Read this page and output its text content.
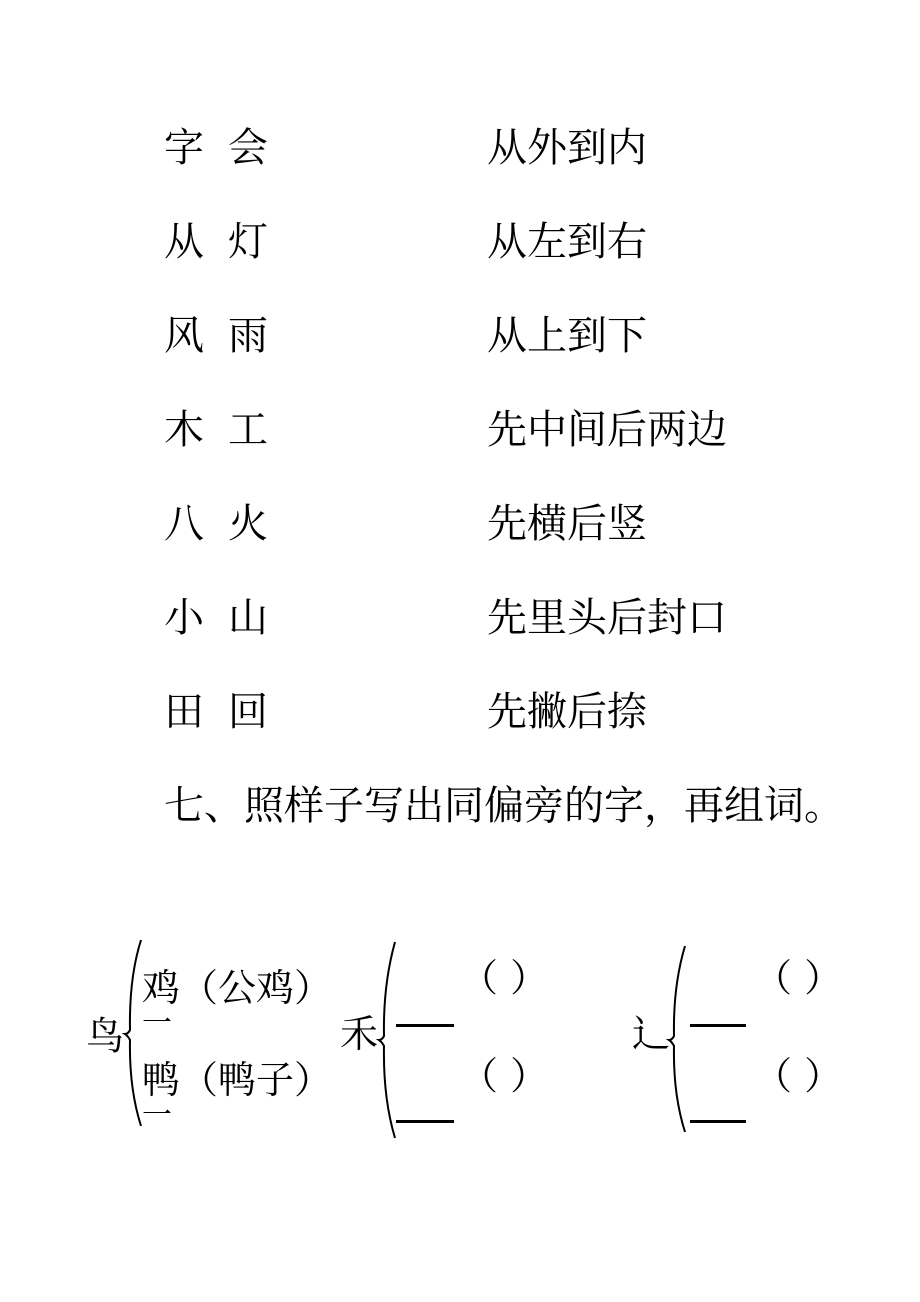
字 会	从外到内
从 灯	从左到右
风 雨	从上到下
木 工	先中间后两边
八 火	先横后竖
小 山	先里头后封口
田 回	先撇后捺
七、照样子写出同偏旁的字，再组词。
鸟
鸡（公鸡）
一
鸭（鸭子）
一
禾
（ ）
（ ）
辶
（ ）
（ ）
